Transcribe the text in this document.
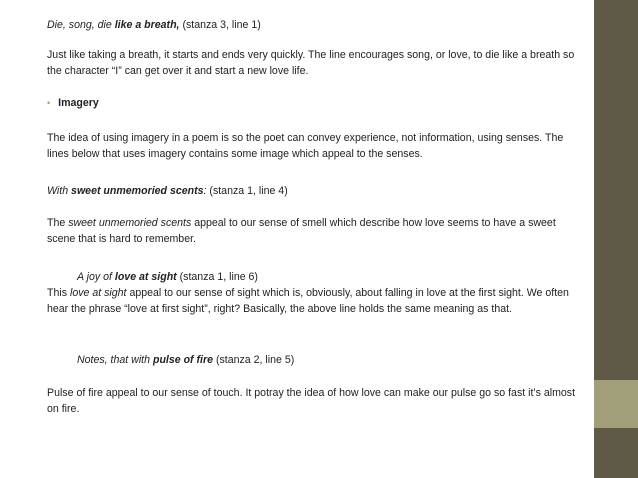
Die, song, die like a breath, (stanza 3, line 1)

Just like taking a breath, it starts and ends very quickly. The line encourages song, or love, to die like a breath so the character “I” can get over it and start a new love life.

• Imagery

The idea of using imagery in a poem is so the poet can convey experience, not information, using senses. The lines below that uses imagery contains some image which appeal to the senses.

With sweet unmemoried scents: (stanza 1, line 4)

The sweet unmemoried scents appeal to our sense of smell which describe how love seems to have a sweet scene that is hard to remember.

A joy of love at sight (stanza 1, line 6)

This love at sight appeal to our sense of sight which is, obviously, about falling in love at the first sight. We often hear the phrase “love at first sight”, right? Basically, the above line holds the same meaning as that.

Notes, that with pulse of fire (stanza 2, line 5)

Pulse of fire appeal to our sense of touch. It potray the idea of how love can make our pulse go so fast it’s almost on fire.
